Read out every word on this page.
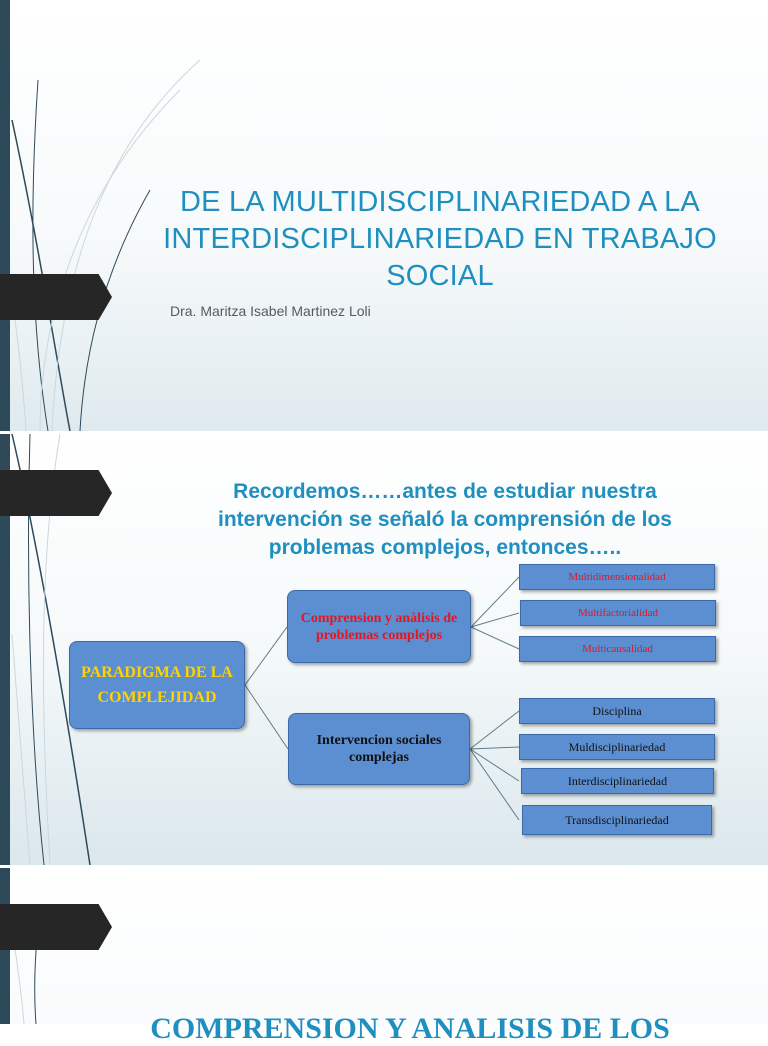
DE LA MULTIDISCIPLINARIEDAD A LA INTERDISCIPLINARIEDAD EN TRABAJO SOCIAL
Dra. Maritza Isabel Martinez Loli
COMPRENSION Y ANALISIS DE LOS
Recordemos……antes de estudiar nuestra intervención se señaló la comprensión de los problemas complejos, entonces…..
PARADIGMA DE LA COMPLEJIDAD
Comprension y anàlisis de problemas complejos
Intervencion sociales complejas
Multidimensionalidad
Multifactorialidad
Multicausalidad
Disciplina
Muldisciplinariedad
Interdisciplinariedad
Transdisciplinariedad
